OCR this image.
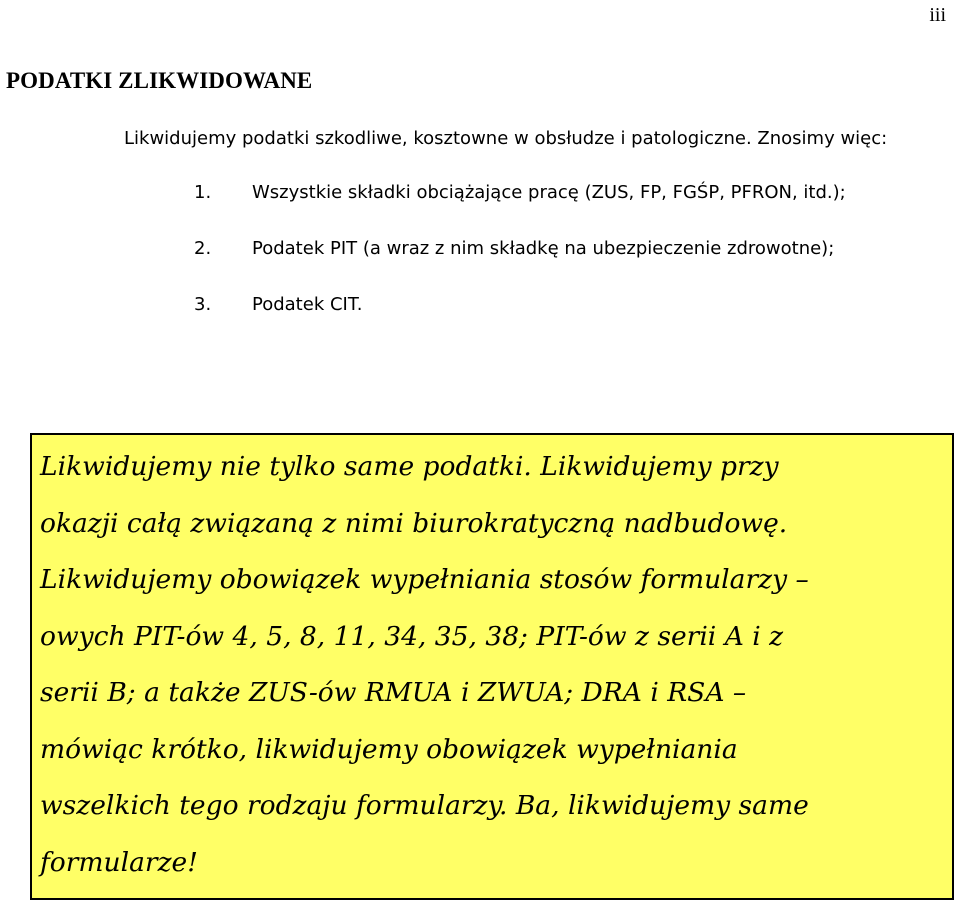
iii
PODATKI ZLIKWIDOWANE

Likwidujemy podatki szkodliwe, kosztowne w obsłudze i patologiczne. Znosimy więc:

1.	Wszystkie składki obciążające pracę (ZUS, FP, FGŚP, PFRON, itd.);
2.	Podatek PIT (a wraz z nim składkę na ubezpieczenie zdrowotne);
3.	Podatek CIT.

Likwidujemy nie tylko same podatki. Likwidujemy przy
okazji całą związaną z nimi biurokratyczną nadbudowę.
Likwidujemy obowiązek wypełniania stosów formularzy –
owych PIT-ów 4, 5, 8, 11, 34, 35, 38; PIT-ów z serii A i z
serii B; a także ZUS-ów RMUA i ZWUA; DRA i RSA –
mówiąc krótko, likwidujemy obowiązek wypełniania
wszelkich tego rodzaju formularzy. Ba, likwidujemy same
formularze!
